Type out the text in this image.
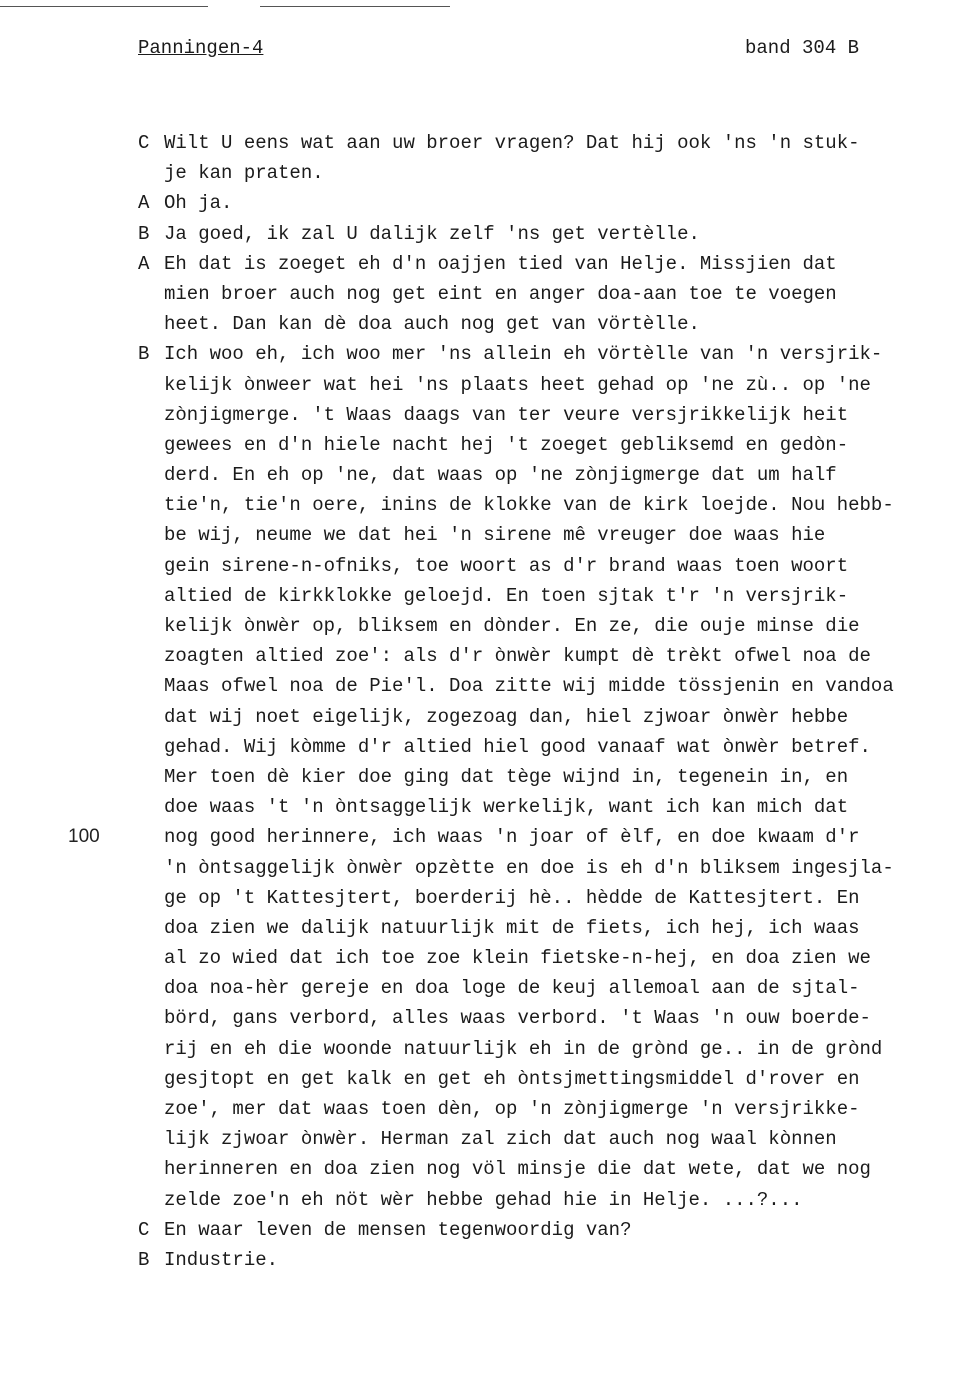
Panningen-4	band 304 B
100
C Wilt U eens wat aan uw broer vragen? Dat hij ook 'ns 'n stuk-
je kan praten.
A Oh ja.
B Ja goed, ik zal U dalijk zelf 'ns get vertèlle.
A Eh dat is zoeget eh d'n oajjen tied van Helje. Missjien dat
mien broer auch nog get eint en anger doa-aan toe te voegen
heet. Dan kan dè doa auch nog get van vörtèlle.
B Ich woo eh, ich woo mer 'ns allein eh vörtèlle van 'n versjrik-
kelijk ònweer wat hei 'ns plaats heet gehad op 'ne zù.. op 'ne
zònjigmerge. 't Waas daags van ter veure versjrikkelijk heit
gewees en d'n hiele nacht hej 't zoeget gebliksemd en gedòn-
derd. En eh op 'ne, dat waas op 'ne zònjigmerge dat um half
tie'n, tie'n oere, inins de klokke van de kirk loejde. Nou hebb-
be wij, neume we dat hei 'n sirene mê vreuger doe waas hie
gein sirene-n-ofniks, toe woort as d'r brand waas toen woort
altied de kirkklokke geloejd. En toen sjtak t'r 'n versjrik-
kelijk ònwèr op, bliksem en dònder. En ze, die ouje minse die
zoagten altied zoe': als d'r ònwèr kumpt dè trèkt ofwel noa de
Maas ofwel noa de Pie'l. Doa zitte wij midde tössjenin en vandoa
dat wij noet eigelijk, zogezoag dan, hiel zjwoar ònwèr hebbe
gehad. Wij kòmme d'r altied hiel good vanaaf wat ònwèr betref.
Mer toen dè kier doe ging dat tège wijnd in, tegenein in, en
doe waas 't 'n òntsaggelijk werkelijk, want ich kan mich dat
nog good herinnere, ich waas 'n joar of èlf, en doe kwaam d'r
'n òntsaggelijk ònwèr opzètte en doe is eh d'n bliksem ingesjla-
ge op 't Kattesjtert, boerderij hè.. hèdde de Kattesjtert. En
doa zien we dalijk natuurlijk mit de fiets, ich hej, ich waas
al zo wied dat ich toe zoe klein fietske-n-hej, en doa zien we
doa noa-hèr gereje en doa loge de keuj allemoal aan de sjtal-
börd, gans verbord, alles waas verbord. 't Waas 'n ouw boerde-
rij en eh die woonde natuurlijk eh in de grònd ge.. in de grònd
gesjtopt en get kalk en get eh òntsjmettingsmiddel d'rover en
zoe', mer dat waas toen dèn, op 'n zònjigmerge 'n versjrikke-
lijk zjwoar ònwèr. Herman zal zich dat auch nog waal kònnen
herinneren en doa zien nog völ minsje die dat wete, dat we nog
zelde zoe'n eh nöt wèr hebbe gehad hie in Helje. ...?...
C En waar leven de mensen tegenwoordig van?
B Industrie.
